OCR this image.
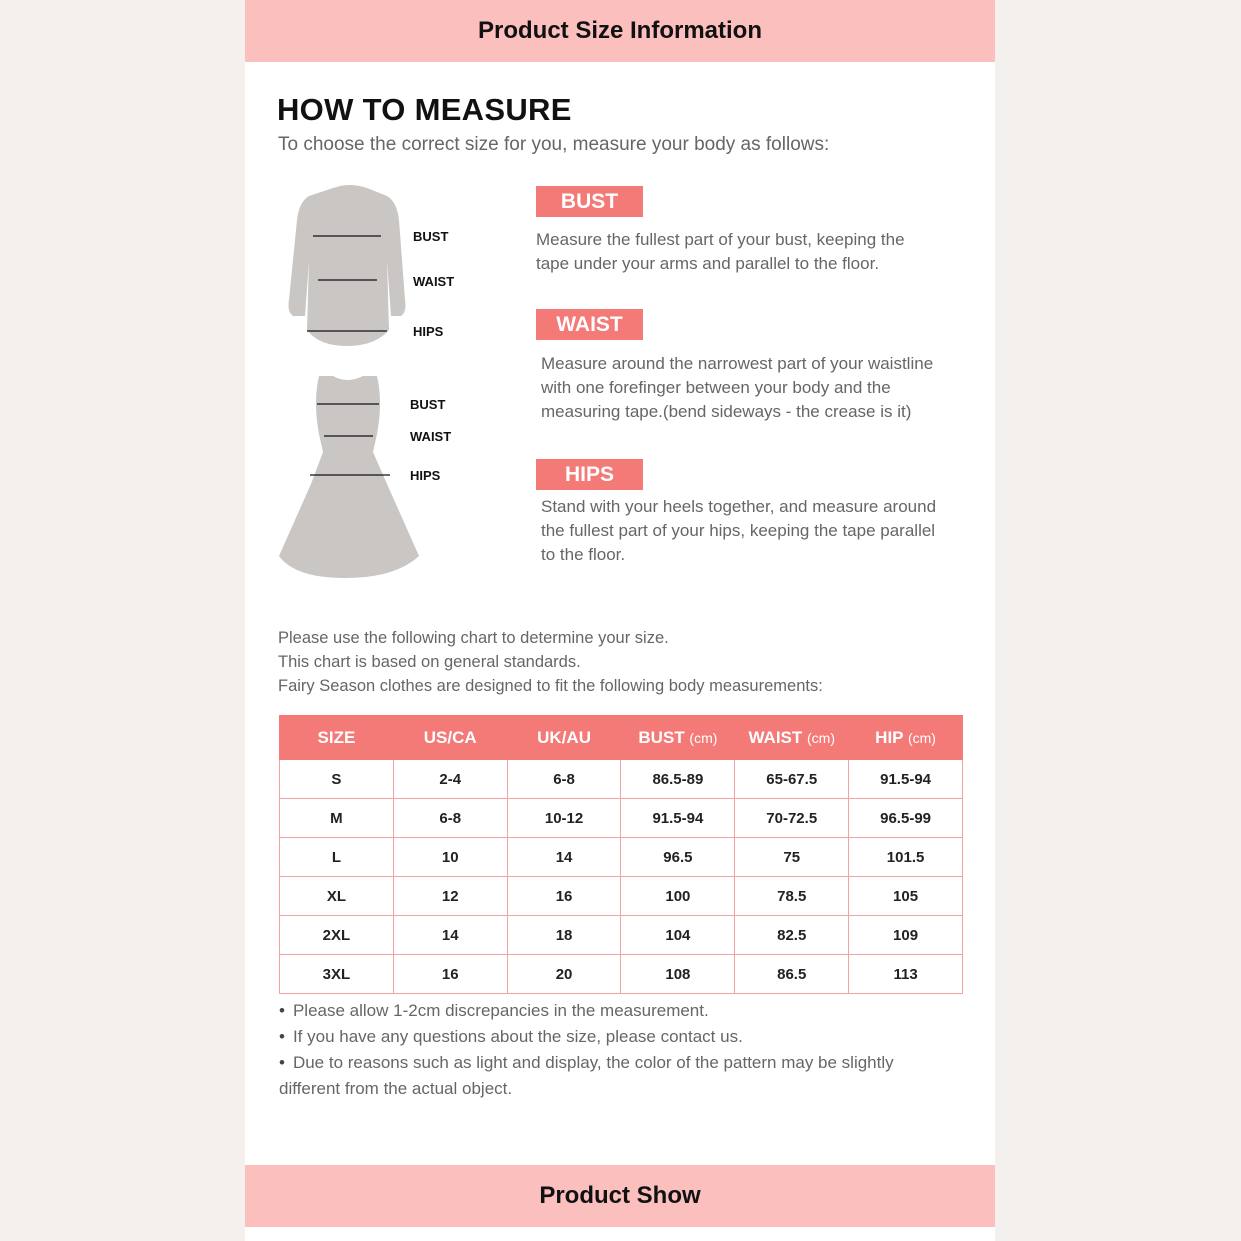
Product Size Information
HOW TO MEASURE
To choose the correct size for you, measure your body as follows:
BUST
WAIST
HIPS
BUST
WAIST
HIPS
BUST
Measure the fullest part of your bust, keeping the
tape under your arms and parallel to the floor.
WAIST
Measure around the narrowest part of your waistline
with one forefinger between your body and the
measuring tape.(bend sideways - the crease is it)
HIPS
Stand with your heels together, and measure around
the fullest part of your hips, keeping the tape parallel
to the floor.
Please use the following chart to determine your size.
This chart is based on general standards.
Fairy Season clothes are designed to fit the following body measurements:
SIZE	US/CA	UK/AU	BUST (cm)	WAIST (cm)	HIP (cm)
S	2-4	6-8	86.5-89	65-67.5	91.5-94
M	6-8	10-12	91.5-94	70-72.5	96.5-99
L	10	14	96.5	75	101.5
XL	12	16	100	78.5	105
2XL	14	18	104	82.5	109
3XL	16	20	108	86.5	113
• Please allow 1-2cm discrepancies in the measurement.
• If you have any questions about the size, please contact us.
• Due to reasons such as light and display, the color of the pattern may be slightly
different from the actual object.
Product Show
